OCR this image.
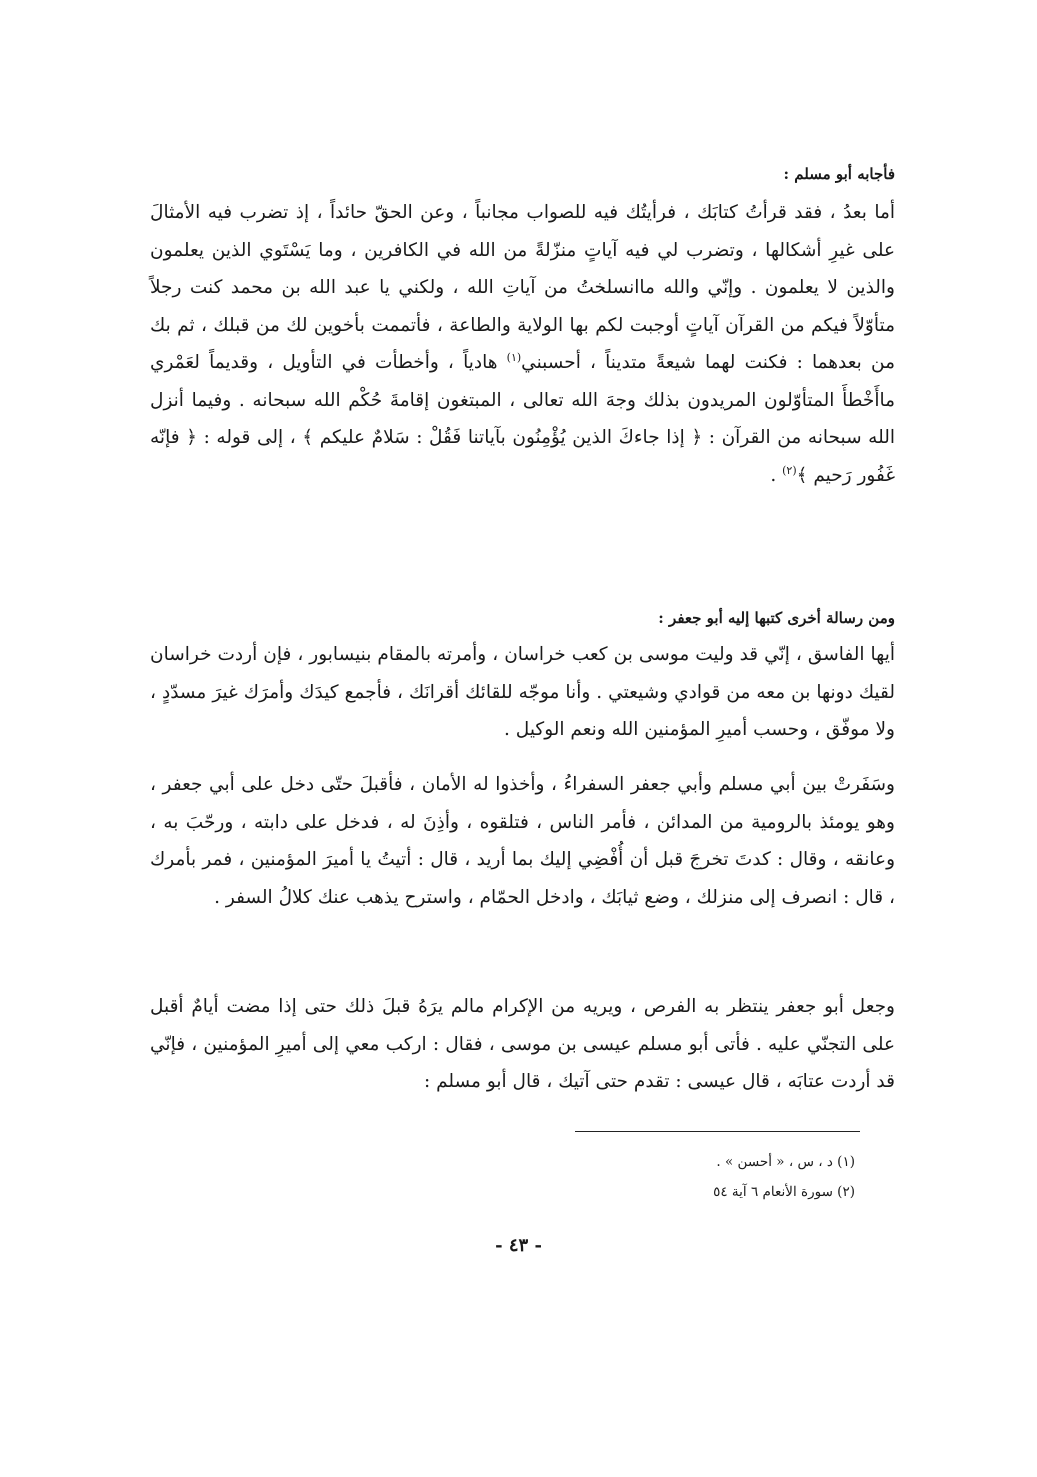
فأجابه أبو مسلم :

أما بعدُ ، فقد قرأتُ كتابَك ، فرأيتُك فيه للصواب مجانباً ، وعن الحقّ حائداً ، إذ تضرب فيه الأمثالَ على غيرِ أشكالها ، وتضرب لي فيه آياتٍ منزّلةً من الله في الكافرين ، وما يَسْتَوي الذين يعلمون والذين لا يعلمون . وإنّي والله ماانسلختُ من آياتِ الله ، ولكني يا عبد الله بن محمد كنت رجلاً متأوّلاً فيكم من القرآن آياتٍ أوجبت لكم بها الولاية والطاعة ، فأتممت بأخوين لك من قبلك ، ثم بك من بعدهما : فكنت لهما شيعةً متديناً ، أحسبني$^{(١)}$ هادياً ، وأخطأت في التأويل ، وقديماً لعَمْري ماأَخْطأَ المتأوّلون المريدون بذلك وجهَ الله تعالى ، المبتغون إقامةَ حُكْم الله سبحانه . وفيما أنزل الله سبحانه من القرآن : ﴿ إذا جاءكَ الذين يُؤْمِنُون بآياتنا فَقُلْ : سَلامٌ عليكم ﴾ ، إلى قوله : ﴿ فإنّه غَفُور رَحيم ﴾$^{(٢)}$ .

ومن رسالة أخرى كتبها إليه أبو جعفر :

أيها الفاسق ، إنّي قد وليت موسى بن كعب خراسان ، وأمرته بالمقام بنيسابور ، فإن أردت خراسان لقيك دونها بن معه من قوادي وشيعتي . وأنا موجّه للقائك أقرانَك ، فأجمع كيدَك وأمرَك غيرَ مسدّدٍ ، ولا موفّق ، وحسب أميرِ المؤمنين الله ونعم الوكيل .

وسَفَرتْ بين أبي مسلم وأبي جعفر السفراءُ ، وأخذوا له الأمان ، فأقبلَ حتّى دخل على أبي جعفر ، وهو يومئذ بالرومية من المدائن ، فأمر الناس ، فتلقوه ، وأذِنَ له ، فدخل على دابته ، ورحّبَ به ، وعانقه ، وقال : كدتَ تخرجَ قبل أن أُفْضِي إليك بما أريد ، قال : أتيتُ يا أميرَ المؤمنين ، فمر بأمرك ، قال : انصرف إلى منزلك ، وضع ثيابَك ، وادخل الحمّام ، واسترح يذهب عنك كلالُ السفر .
وجعل أبو جعفر ينتظر به الفرص ، ويريه من الإكرام مالم يرَهُ قبلَ ذلك حتى إذا مضت أيامٌ أقبل على التجنّي عليه . فأتى أبو مسلم عيسى بن موسى ، فقال : اركب معي إلى أميرِ المؤمنين ، فإنّي قد أردت عتابَه ، قال عيسى : تقدم حتى آتيك ، قال أبو مسلم :
(١) د ، س ، « أحسن » .
(٢) سورة الأنعام ٦ آية ٥٤
- ٤٣ -
